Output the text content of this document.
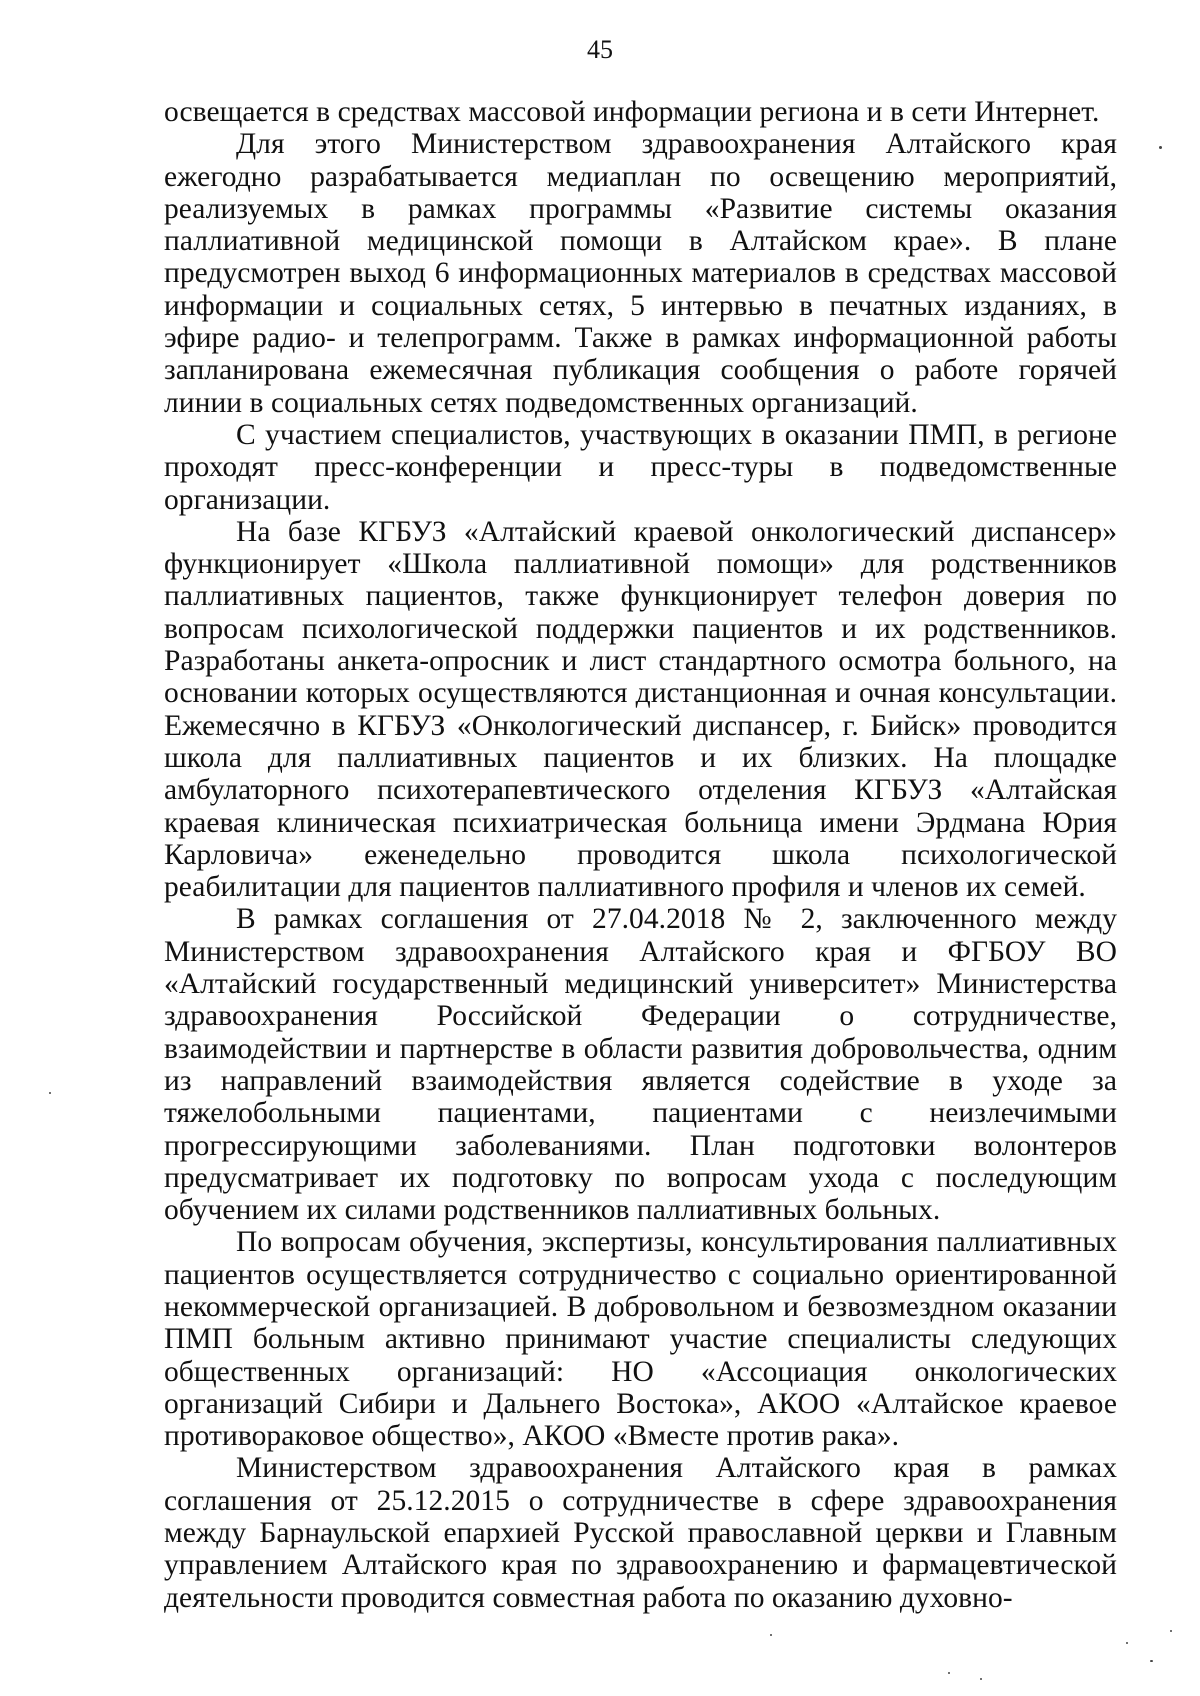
45

освещается в средствах массовой информации региона и в сети Интернет.

Для этого Министерством здравоохранения Алтайского края ежегодно разрабатывается медиаплан по освещению мероприятий, реализуемых в рамках программы «Развитие системы оказания паллиативной медицинской помощи в Алтайском крае». В плане предусмотрен выход 6 информационных материалов в средствах массовой информации и социальных сетях, 5 интервью в печатных изданиях, в эфире радио- и телепрограмм. Также в рамках информационной работы запланирована ежемесячная публикация сообщения о работе горячей линии в социальных сетях подведомственных организаций.

С участием специалистов, участвующих в оказании ПМП, в регионе проходят пресс-конференции и пресс-туры в подведомственные организации.

На базе КГБУЗ «Алтайский краевой онкологический диспансер» функционирует «Школа паллиативной помощи» для родственников паллиативных пациентов, также функционирует телефон доверия по вопросам психологической поддержки пациентов и их родственников. Разработаны анкета-опросник и лист стандартного осмотра больного, на основании которых осуществляются дистанционная и очная консультации. Ежемесячно в КГБУЗ «Онкологический диспансер, г. Бийск» проводится школа для паллиативных пациентов и их близких. На площадке амбулаторного психотерапевтического отделения КГБУЗ «Алтайская краевая клиническая психиатрическая больница имени Эрдмана Юрия Карловича» еженедельно проводится школа психологической реабилитации для пациентов паллиативного профиля и членов их семей.

В рамках соглашения от 27.04.2018 № 2, заключенного между Министерством здравоохранения Алтайского края и ФГБОУ ВО «Алтайский государственный медицинский университет» Министерства здравоохранения Российской Федерации о сотрудничестве, взаимодействии и партнерстве в области развития добровольчества, одним из направлений взаимодействия является содействие в уходе за тяжелобольными пациентами, пациентами с неизлечимыми прогрессирующими заболеваниями. План подготовки волонтеров предусматривает их подготовку по вопросам ухода с последующим обучением их силами родственников паллиативных больных.

По вопросам обучения, экспертизы, консультирования паллиативных пациентов осуществляется сотрудничество с социально ориентированной некоммерческой организацией. В добровольном и безвозмездном оказании ПМП больным активно принимают участие специалисты следующих общественных организаций: НО «Ассоциация онкологических организаций Сибири и Дальнего Востока», АКОО «Алтайское краевое противораковое общество», АКОО «Вместе против рака».

Министерством здравоохранения Алтайского края в рамках соглашения от 25.12.2015 о сотрудничестве в сфере здравоохранения между Барнаульской епархией Русской православной церкви и Главным управлением Алтайского края по здравоохранению и фармацевтической деятельности проводится совместная работа по оказанию духовно-
